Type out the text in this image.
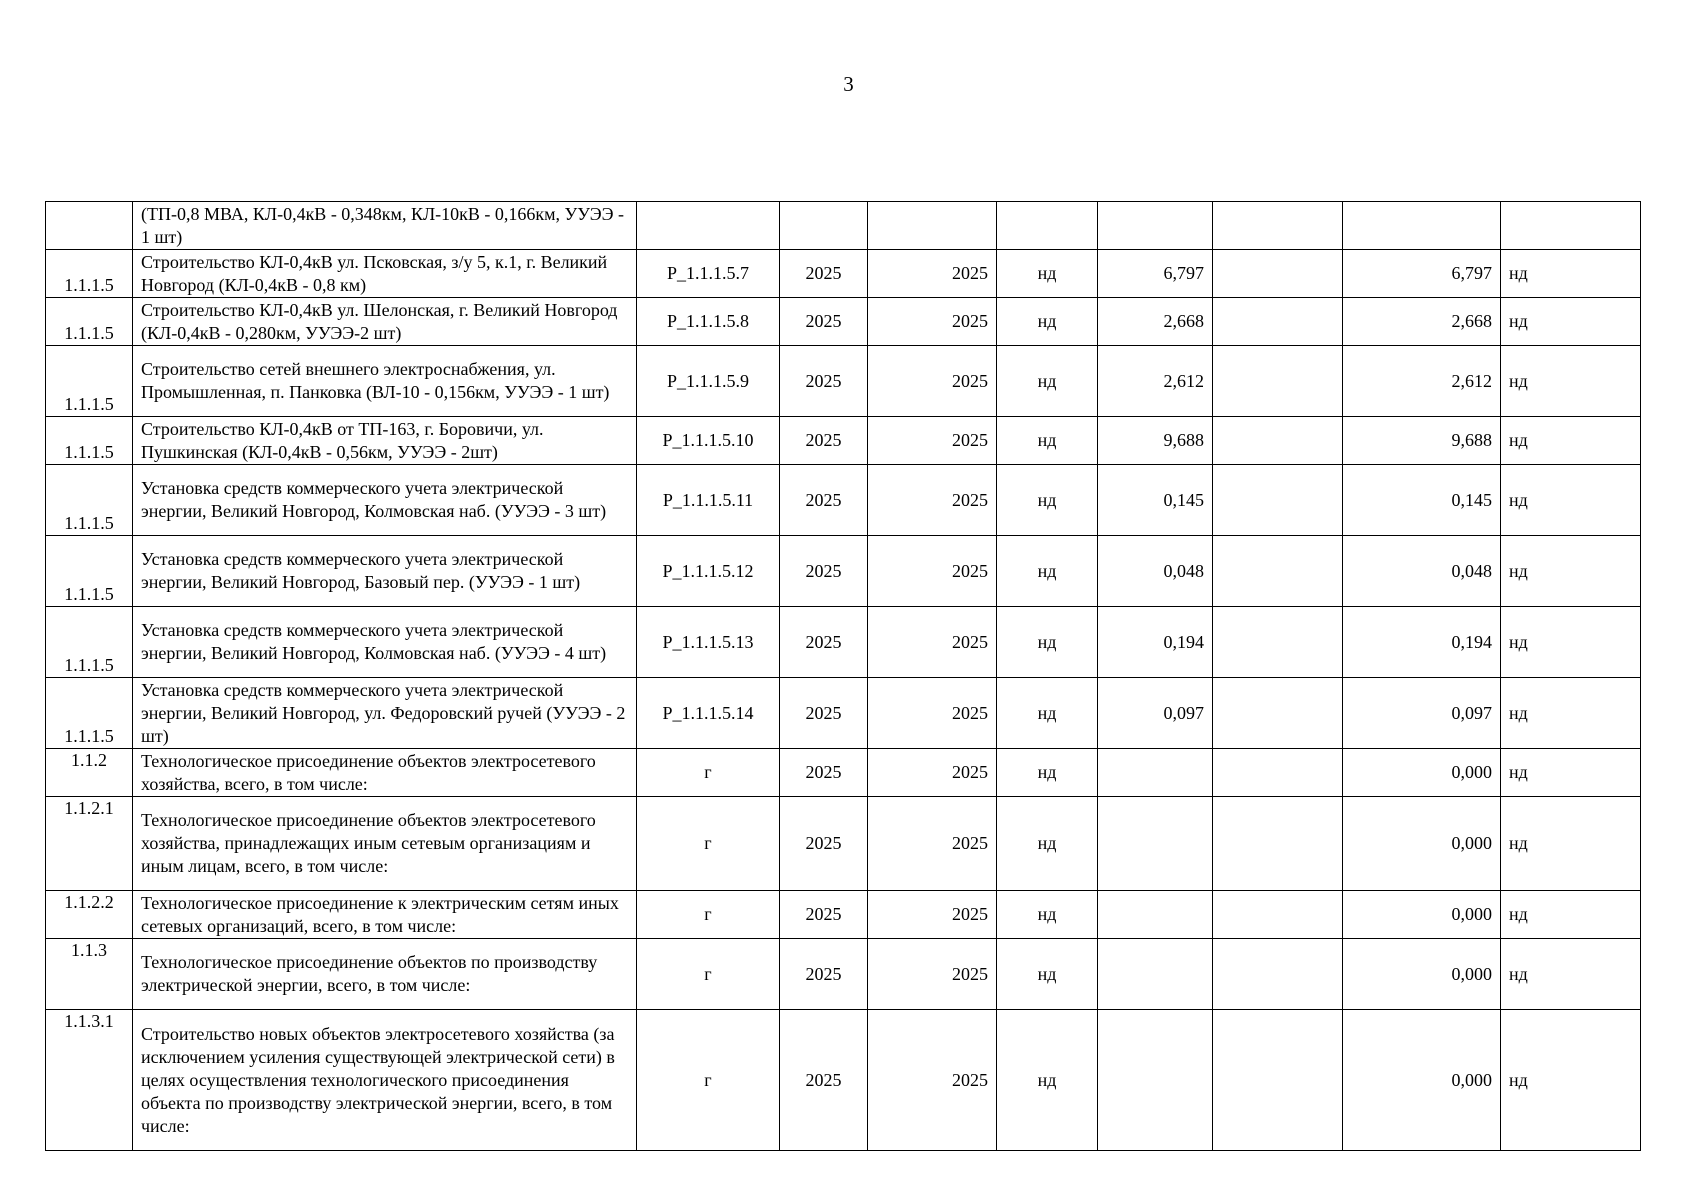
3
	(ТП-0,8 МВА, КЛ-0,4кВ - 0,348км, КЛ-10кВ - 0,166км, УУЭЭ - 1 шт)								
1.1.1.5	Строительство КЛ-0,4кВ ул. Псковская, з/у 5, к.1, г. Великий Новгород (КЛ-0,4кВ - 0,8 км)	P_1.1.1.5.7	2025	2025	нд	6,797		6,797	нд
1.1.1.5	Строительство КЛ-0,4кВ ул. Шелонская, г. Великий Новгород (КЛ-0,4кВ - 0,280км, УУЭЭ-2 шт)	P_1.1.1.5.8	2025	2025	нд	2,668		2,668	нд
1.1.1.5	Строительство сетей внешнего электроснабжения, ул. Промышленная, п. Панковка (ВЛ-10 - 0,156км, УУЭЭ - 1 шт)	P_1.1.1.5.9	2025	2025	нд	2,612		2,612	нд
1.1.1.5	Строительство КЛ-0,4кВ от ТП-163, г. Боровичи, ул. Пушкинская (КЛ-0,4кВ - 0,56км, УУЭЭ - 2шт)	P_1.1.1.5.10	2025	2025	нд	9,688		9,688	нд
1.1.1.5	Установка средств коммерческого учета электрической энергии, Великий Новгород, Колмовская наб. (УУЭЭ - 3 шт)	P_1.1.1.5.11	2025	2025	нд	0,145		0,145	нд
1.1.1.5	Установка средств коммерческого учета электрической энергии, Великий Новгород, Базовый пер. (УУЭЭ - 1 шт)	P_1.1.1.5.12	2025	2025	нд	0,048		0,048	нд
1.1.1.5	Установка средств коммерческого учета электрической энергии, Великий Новгород, Колмовская наб. (УУЭЭ - 4 шт)	P_1.1.1.5.13	2025	2025	нд	0,194		0,194	нд
1.1.1.5	Установка средств коммерческого учета электрической энергии, Великий Новгород, ул. Федоровский ручей (УУЭЭ - 2 шт)	P_1.1.1.5.14	2025	2025	нд	0,097		0,097	нд
1.1.2	Технологическое присоединение объектов электросетевого хозяйства, всего, в том числе:	г	2025	2025	нд			0,000	нд
1.1.2.1	Технологическое присоединение объектов электросетевого хозяйства, принадлежащих иным сетевым организациям и иным лицам, всего, в том числе:	г	2025	2025	нд			0,000	нд
1.1.2.2	Технологическое присоединение к электрическим сетям иных сетевых организаций, всего, в том числе:	г	2025	2025	нд			0,000	нд
1.1.3	Технологическое присоединение объектов по производству электрической энергии, всего, в том числе:	г	2025	2025	нд			0,000	нд
1.1.3.1	Строительство новых объектов электросетевого хозяйства (за исключением усиления существующей электрической сети) в целях осуществления технологического присоединения объекта по производству электрической энергии, всего, в том числе:	г	2025	2025	нд			0,000	нд
